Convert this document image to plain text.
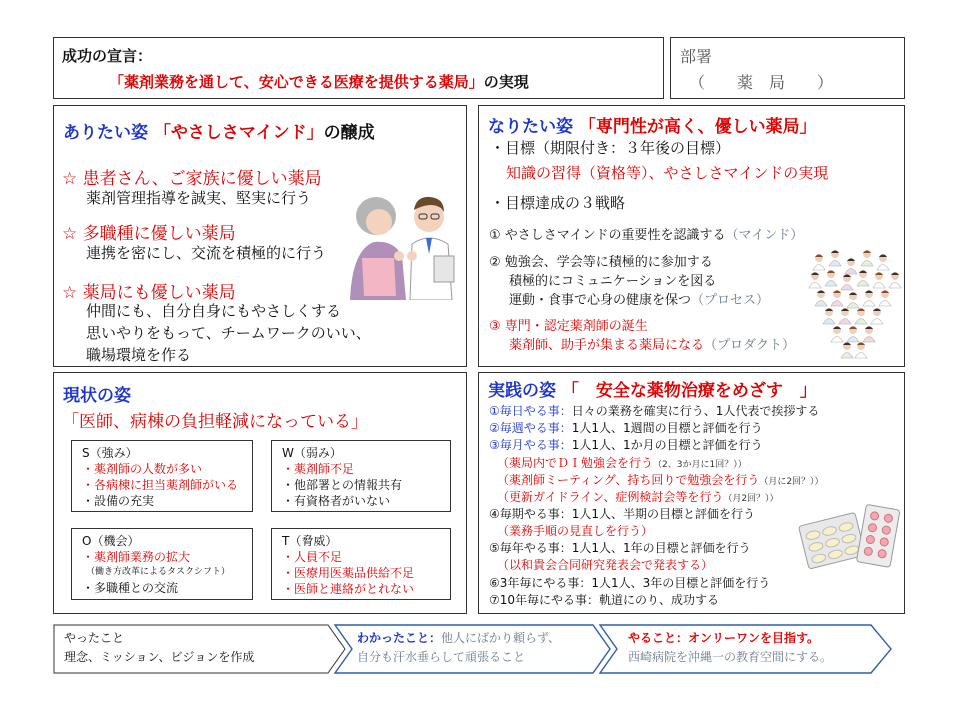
成功の宣言：
「薬剤業務を通して、安心できる医療を提供する薬局」の実現
部署
（　　薬　局　　）
ありたい姿 「やさしさマインド」の醸成
☆ 患者さん、ご家族に優しい薬局
薬剤管理指導を誠実、堅実に行う
☆ 多職種に優しい薬局
連携を密にし、交流を積極的に行う
☆ 薬局にも優しい薬局
仲間にも、自分自身にもやさしくする
思いやりをもって、チームワークのいい、
職場環境を作る
なりたい姿 「専門性が高く、優しい薬局」
・目標（期限付き：３年後の目標）
知識の習得（資格等）、やさしさマインドの実現
・目標達成の３戦略
① やさしさマインドの重要性を認識する（マインド）
② 勉強会、学会等に積極的に参加する
積極的にコミュニケーションを図る
運動・食事で心身の健康を保つ（プロセス）
③ 専門・認定薬剤師の誕生
薬剤師、助手が集まる薬局になる（プロダクト）
現状の姿
「医師、病棟の負担軽減になっている」
S（強み）
・薬剤師の人数が多い
・各病棟に担当薬剤師がいる
・設備の充実
W（弱み）
・薬剤師不足
・他部署との情報共有
・有資格者がいない
O（機会）
・薬剤師業務の拡大
（働き方改革によるタスクシフト）
・多職種との交流
T（脅威）
・人員不足
・医療用医薬品供給不足
・医師と連絡がとれない
実践の姿 「　安全な薬物治療をめざす　」
①毎日やる事：日々の業務を確実に行う、1人代表で挨拶する
②毎週やる事：1人1人、1週間の目標と評価を行う
③毎月やる事：1人1人、1か月の目標と評価を行う
（薬局内でＤＩ勉強会を行う（2、3か月に1回？））
（薬剤師ミーティング、持ち回りで勉強会を行う（月に2回？））
（更新ガイドライン、症例検討会等を行う（月2回？））
④毎期やる事：1人1人、半期の目標と評価を行う
（業務手順の見直しを行う）
⑤毎年やる事：1人1人、1年の目標と評価を行う
（以和貴会合同研究発表会で発表する）
⑥3年毎にやる事：1人1人、3年の目標と評価を行う
⑦10年毎にやる事：軌道にのり、成功する
やったこと
理念、ミッション、ビジョンを作成
わかったこと：他人にばかり頼らず、
自分も汗水垂らして頑張ること
やること：オンリーワンを目指す。
西崎病院を沖縄一の教育空間にする。
